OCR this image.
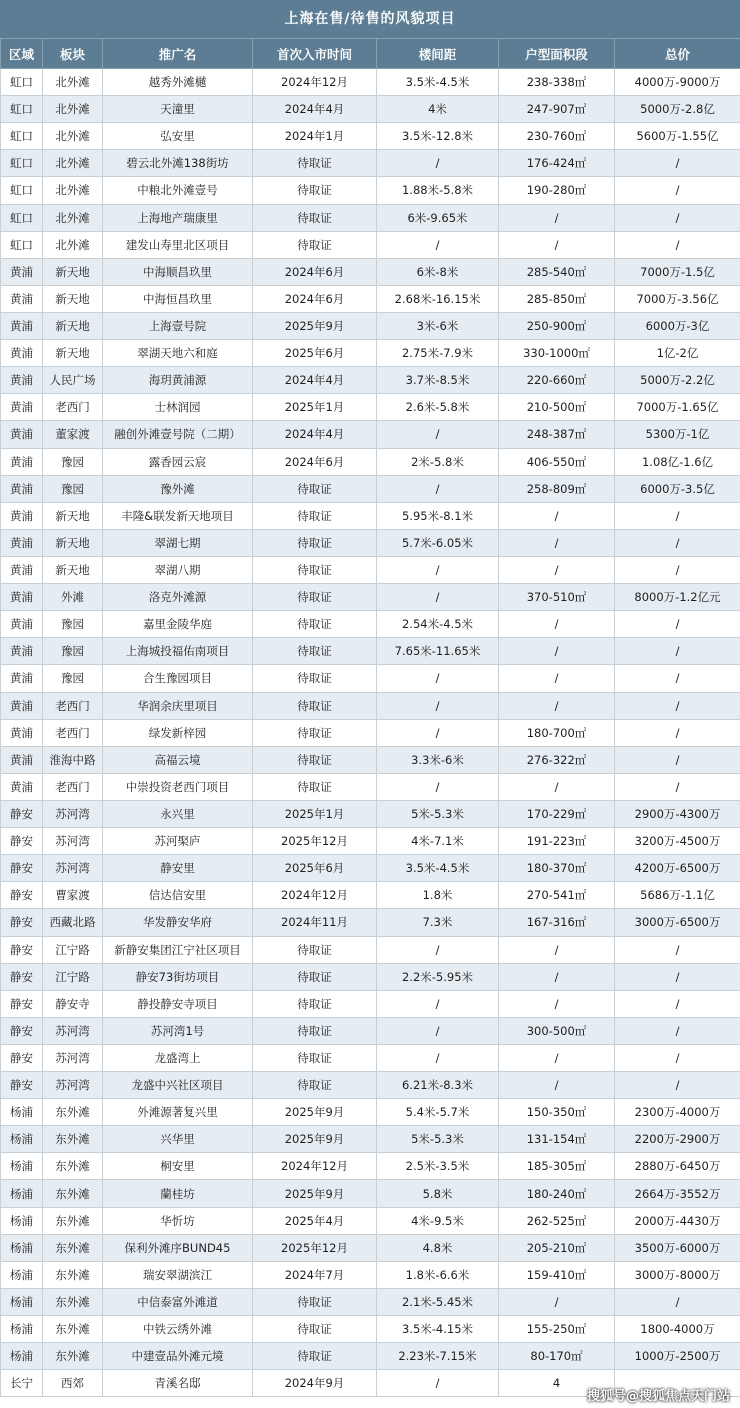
上海在售/待售的风貌项目
区域	板块	推广名	首次入市时间	楼间距	户型面积段	总价
虹口	北外滩	越秀外滩樾	2024年12月	3.5米-4.5米	238-338㎡	4000万-9000万
虹口	北外滩	天潼里	2024年4月	4米	247-907㎡	5000万-2.8亿
虹口	北外滩	弘安里	2024年1月	3.5米-12.8米	230-760㎡	5600万-1.55亿
虹口	北外滩	碧云北外滩138街坊	待取证	/	176-424㎡	/
虹口	北外滩	中粮北外滩壹号	待取证	1.88米-5.8米	190-280㎡	/
虹口	北外滩	上海地产瑞康里	待取证	6米-9.65米	/	/
虹口	北外滩	建发山寿里北区项目	待取证	/	/	/
黄浦	新天地	中海顺昌玖里	2024年6月	6米-8米	285-540㎡	7000万-1.5亿
黄浦	新天地	中海恒昌玖里	2024年6月	2.68米-16.15米	285-850㎡	7000万-3.56亿
黄浦	新天地	上海壹号院	2025年9月	3米-6米	250-900㎡	6000万-3亿
黄浦	新天地	翠湖天地六和庭	2025年6月	2.75米-7.9米	330-1000㎡	1亿-2亿
黄浦	人民广场	海玥黄浦源	2024年4月	3.7米-8.5米	220-660㎡	5000万-2.2亿
黄浦	老西门	士林润园	2025年1月	2.6米-5.8米	210-500㎡	7000万-1.65亿
黄浦	董家渡	融创外滩壹号院（二期）	2024年4月	/	248-387㎡	5300万-1亿
黄浦	豫园	露香园云宸	2024年6月	2米-5.8米	406-550㎡	1.08亿-1.6亿
黄浦	豫园	豫外滩	待取证	/	258-809㎡	6000万-3.5亿
黄浦	新天地	丰隆&联发新天地项目	待取证	5.95米-8.1米	/	/
黄浦	新天地	翠湖七期	待取证	5.7米-6.05米	/	/
黄浦	新天地	翠湖八期	待取证	/	/	/
黄浦	外滩	洛克外滩源	待取证	/	370-510㎡	8000万-1.2亿元
黄浦	豫园	嘉里金陵华庭	待取证	2.54米-4.5米	/	/
黄浦	豫园	上海城投福佑南项目	待取证	7.65米-11.65米	/	/
黄浦	豫园	合生豫园项目	待取证	/	/	/
黄浦	老西门	华润余庆里项目	待取证	/	/	/
黄浦	老西门	绿发新梓园	待取证	/	180-700㎡	/
黄浦	淮海中路	高福云境	待取证	3.3米-6米	276-322㎡	/
黄浦	老西门	中崇投资老西门项目	待取证	/	/	/
静安	苏河湾	永兴里	2025年1月	5米-5.3米	170-229㎡	2900万-4300万
静安	苏河湾	苏河棸庐	2025年12月	4米-7.1米	191-223㎡	3200万-4500万
静安	苏河湾	静安里	2025年6月	3.5米-4.5米	180-370㎡	4200万-6500万
静安	曹家渡	信达信安里	2024年12月	1.8米	270-541㎡	5686万-1.1亿
静安	西藏北路	华发静安华府	2024年11月	7.3米	167-316㎡	3000万-6500万
静安	江宁路	新静安集团江宁社区项目	待取证	/	/	/
静安	江宁路	静安73街坊项目	待取证	2.2米-5.95米	/	/
静安	静安寺	静投静安寺项目	待取证	/	/	/
静安	苏河湾	苏河湾1号	待取证	/	300-500㎡	/
静安	苏河湾	龙盛湾上	待取证	/	/	/
静安	苏河湾	龙盛中兴社区项目	待取证	6.21米-8.3米	/	/
杨浦	东外滩	外滩源著复兴里	2025年9月	5.4米-5.7米	150-350㎡	2300万-4000万
杨浦	东外滩	兴华里	2025年9月	5米-5.3米	131-154㎡	2200万-2900万
杨浦	东外滩	桐安里	2024年12月	2.5米-3.5米	185-305㎡	2880万-6450万
杨浦	东外滩	蘭桂坊	2025年9月	5.8米	180-240㎡	2664万-3552万
杨浦	东外滩	华忻坊	2025年4月	4米-9.5米	262-525㎡	2000万-4430万
杨浦	东外滩	保利外滩序BUND45	2025年12月	4.8米	205-210㎡	3500万-6000万
杨浦	东外滩	瑞安翠湖滨江	2024年7月	1.8米-6.6米	159-410㎡	3000万-8000万
杨浦	东外滩	中信泰富外滩道	待取证	2.1米-5.45米	/	/
杨浦	东外滩	中铁云绣外滩	待取证	3.5米-4.15米	155-250㎡	1800-4000万
杨浦	东外滩	中建壹品外滩元境	待取证	2.23米-7.15米	80-170㎡	1000万-2500万
长宁	西郊	青溪名邸	2024年9月	/	4	
搜狐号@搜狐焦点天门站
